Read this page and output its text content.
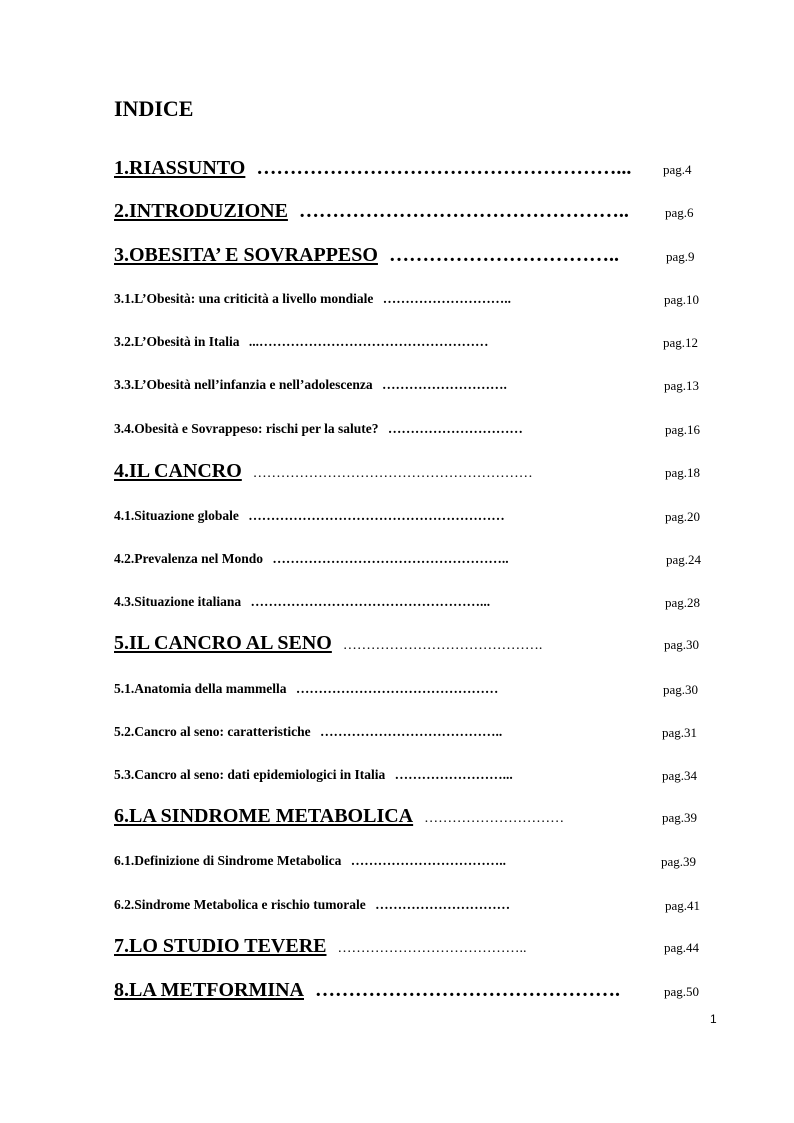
INDICE
1.RIASSUNTO ………………………………………………... pag.4
2.INTRODUZIONE …………………………………………..	pag.6
3.OBESITA’ E SOVRAPPESO ……………………………..	pag.9
3.1.L’Obesità: una criticità a livello mondiale ………………………..	pag.10
3.2.L’Obesità in Italia ...……………………………………………	pag.12
3.3.L’Obesità nell’infanzia e nell’adolescenza ……………………….	pag.13
3.4.Obesità e Sovrappeso: rischi per la salute? …………………………	pag.16
4.IL CANCRO ……………………………………………………	pag.18
4.1.Situazione globale …………………………………………………	pag.20
4.2.Prevalenza nel Mondo ……………………………………………..	pag.24
4.3.Situazione italiana ……………………………………………...	pag.28
5.IL CANCRO AL SENO …………………………………….	pag.30
5.1.Anatomia della mammella ………………………………………	pag.30
5.2.Cancro al seno: caratteristiche …………………………………..	pag.31
5.3.Cancro al seno: dati epidemiologici in Italia ……………………...	pag.34
6.LA SINDROME METABOLICA …………………………	pag.39
6.1.Definizione di Sindrome Metabolica ……………………………..	pag.39
6.2.Sindrome Metabolica e rischio tumorale …………………………	pag.41
7.LO STUDIO TEVERE …………………………………..	pag.44
8.LA METFORMINA ……………………………………….	pag.50
1
